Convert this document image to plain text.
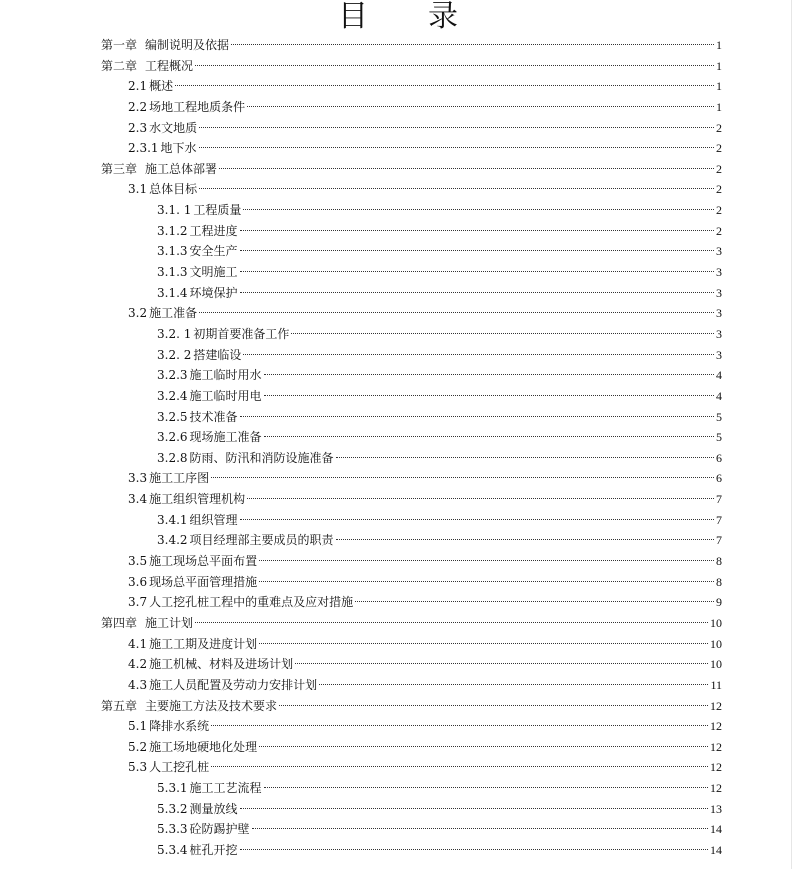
目　　录
第一章 编制说明及依据	1
第二章 工程概况	1
2.1 概述	1
2.2 场地工程地质条件	1
2.3 水文地质	2
2.3.1 地下水	2
第三章 施工总体部署	2
3.1 总体目标	2
3.1. 1 工程质量	2
3.1.2 工程进度	2
3.1.3 安全生产	3
3.1.3 文明施工	3
3.1.4 环境保护	3
3.2 施工准备	3
3.2. 1 初期首要准备工作	3
3.2. 2 搭建临设	3
3.2.3 施工临时用水	4
3.2.4 施工临时用电	4
3.2.5 技术准备	5
3.2.6 现场施工准备	5
3.2.8 防雨、防汛和消防设施准备	6
3.3 施工工序图	6
3.4 施工组织管理机构	7
3.4.1 组织管理	7
3.4.2 项目经理部主要成员的职责	7
3.5 施工现场总平面布置	8
3.6 现场总平面管理措施	8
3.7 人工挖孔桩工程中的重难点及应对措施	9
第四章 施工计划	10
4.1 施工工期及进度计划	10
4.2 施工机械、材料及进场计划	10
4.3 施工人员配置及劳动力安排计划	11
第五章 主要施工方法及技术要求	12
5.1 降排水系统	12
5.2 施工场地硬地化处理	12
5.3 人工挖孔桩	12
5.3.1 施工工艺流程	12
5.3.2 测量放线	13
5.3.3 砼防踢护壁	14
5.3.4 桩孔开挖	14
